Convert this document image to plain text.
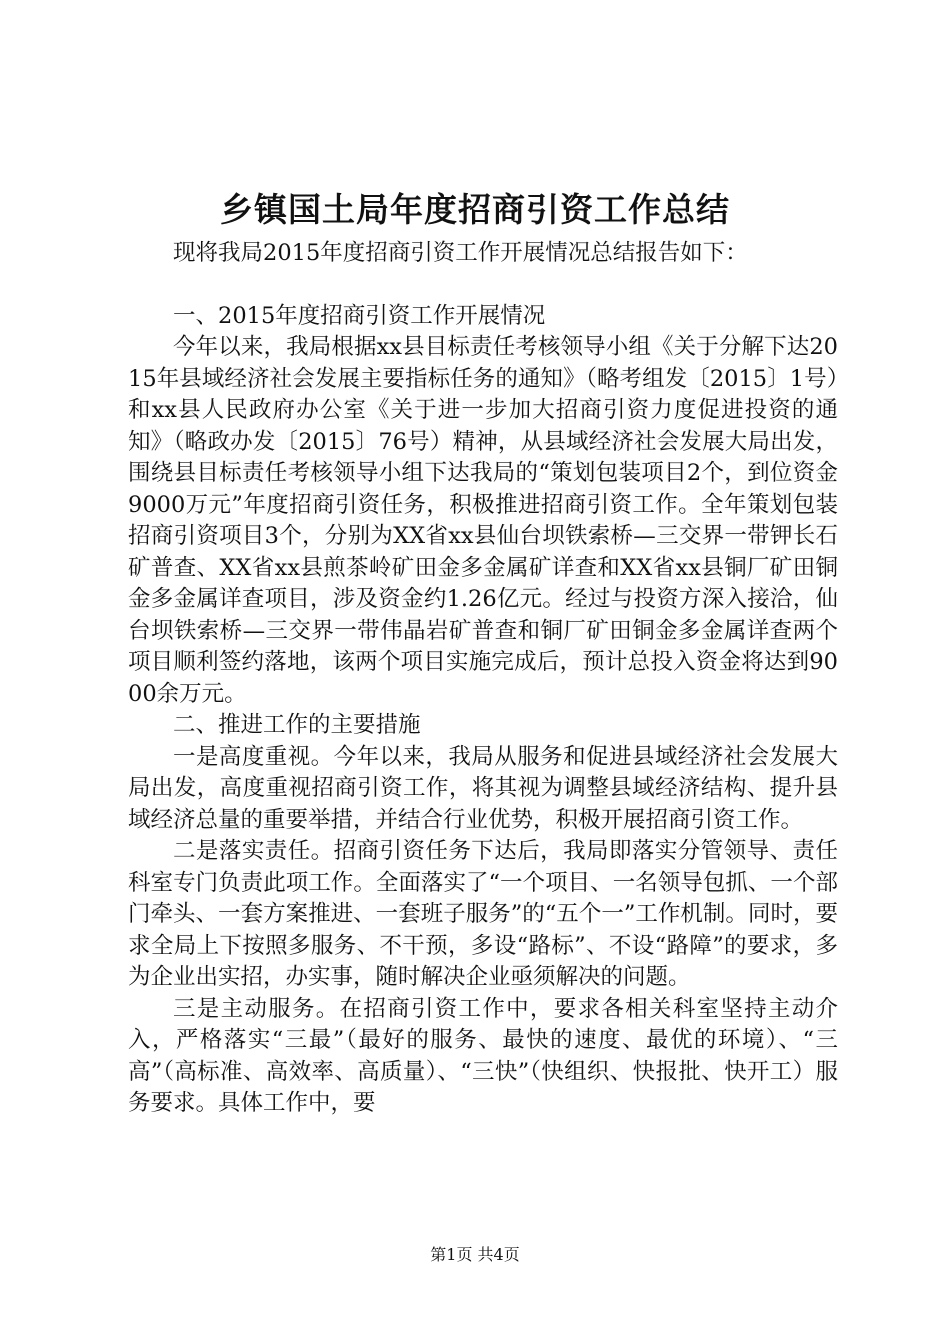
乡镇国土局年度招商引资工作总结

现将我局2015年度招商引资工作开展情况总结报告如下：

一、2015年度招商引资工作开展情况

今年以来，我局根据xx县目标责任考核领导小组《关于分解下达2015年县域经济社会发展主要指标任务的通知》（略考组发〔2015〕1号）和xx县人民政府办公室《关于进一步加大招商引资力度促进投资的通知》（略政办发〔2015〕76号）精神，从县域经济社会发展大局出发，围绕县目标责任考核领导小组下达我局的“策划包装项目2个，到位资金9000万元”年度招商引资任务，积极推进招商引资工作。全年策划包装招商引资项目3个，分别为XX省xx县仙台坝铁索桥—三交界一带钾长石矿普查、XX省xx县煎茶岭矿田金多金属矿详查和XX省xx县铜厂矿田铜金多金属详查项目，涉及资金约1.26亿元。经过与投资方深入接洽，仙台坝铁索桥—三交界一带伟晶岩矿普查和铜厂矿田铜金多金属详查两个项目顺利签约落地，该两个项目实施完成后，预计总投入资金将达到9000余万元。

二、推进工作的主要措施

一是高度重视。今年以来，我局从服务和促进县域经济社会发展大局出发，高度重视招商引资工作，将其视为调整县域经济结构、提升县域经济总量的重要举措，并结合行业优势，积极开展招商引资工作。

二是落实责任。招商引资任务下达后，我局即落实分管领导、责任科室专门负责此项工作。全面落实了“一个项目、一名领导包抓、一个部门牵头、一套方案推进、一套班子服务”的“五个一”工作机制。同时，要求全局上下按照多服务、不干预，多设“路标”、不设“路障”的要求，多为企业出实招，办实事，随时解决企业亟须解决的问题。

三是主动服务。在招商引资工作中，要求各相关科室坚持主动介入，严格落实“三最”（最好的服务、最快的速度、最优的环境）、“三高”（高标准、高效率、高质量）、“三快”（快组织、快报批、快开工）服务要求。具体工作中，要

第1页 共4页
